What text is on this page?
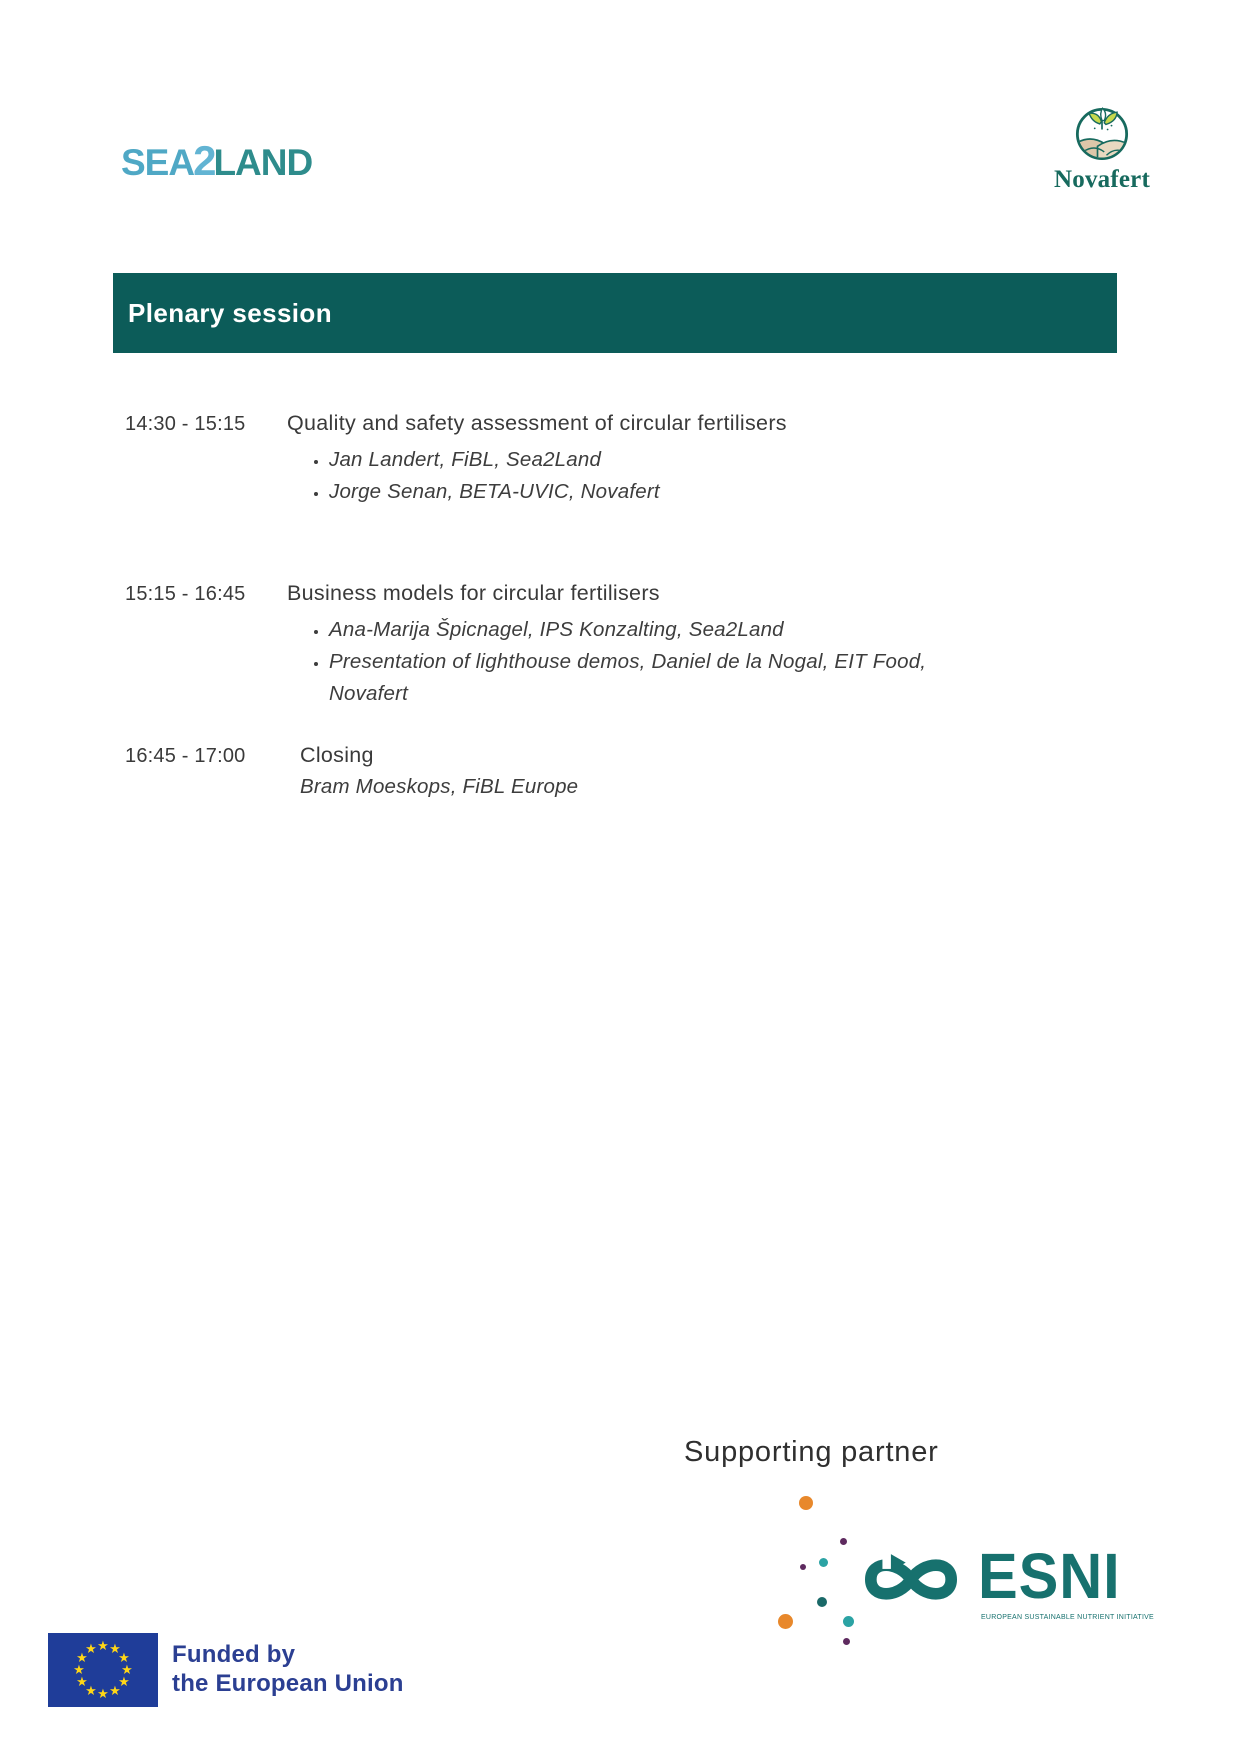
SEA 2
LAND	Novafert
Plenary session
14:30 - 15:15	Quality and safety assessment of circular fertilisers
• Jan Landert, FiBL, Sea2Land
• Jorge Senan, BETA-UVIC, Novafert
15:15 - 16:45	Business models for circular fertilisers
• Ana-Marija Špicnagel, IPS Konzalting, Sea2Land
• Presentation of lighthouse demos, Daniel de la Nogal, EIT Food, Novafert
16:45 - 17:00	Closing
Bram Moeskops, FiBL Europe
Supporting partner
ESNI
EUROPEAN SUSTAINABLE NUTRIENT INITIATIVE
★ ★
★
★
★
★
★
★
★
★
★
★	Funded by
the European Union
